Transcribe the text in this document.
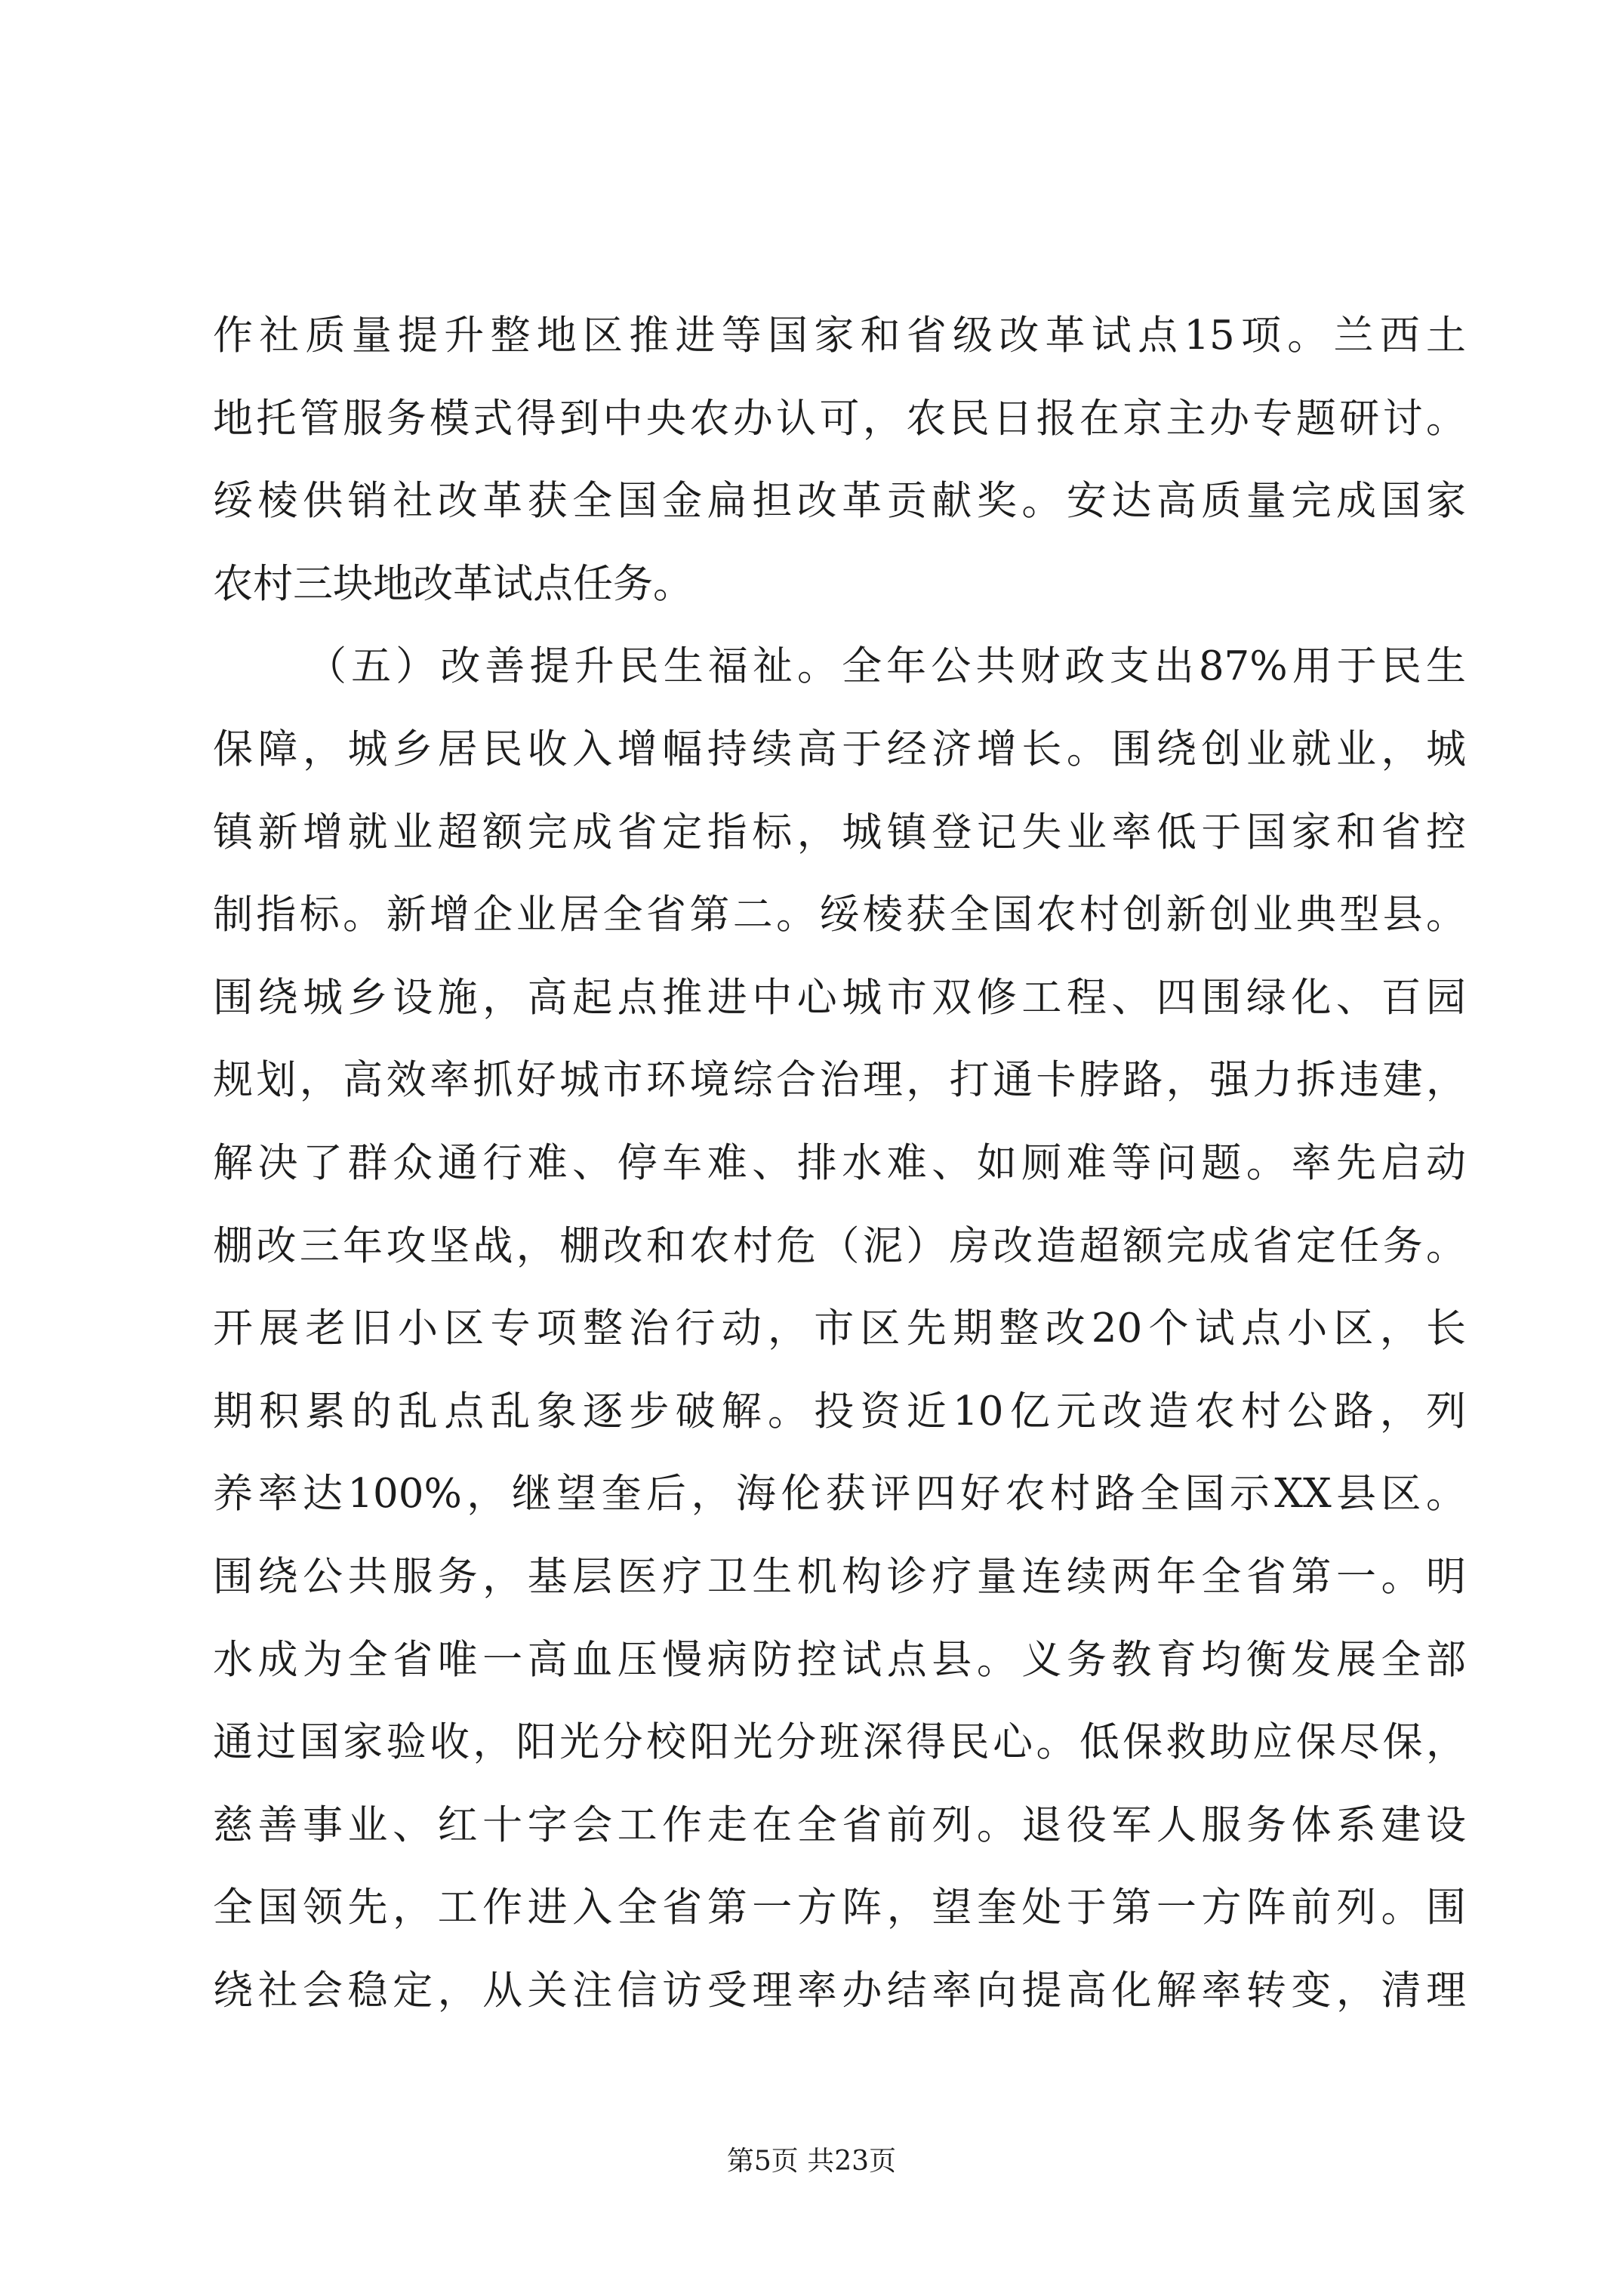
作社质量提升整地区推进等国家和省级改革试点15项。兰西土
地托管服务模式得到中央农办认可，农民日报在京主办专题研讨。
绥棱供销社改革获全国金扁担改革贡献奖。安达高质量完成国家
农村三块地改革试点任务。
（五）改善提升民生福祉。全年公共财政支出87%用于民生
保障，城乡居民收入增幅持续高于经济增长。围绕创业就业，城
镇新增就业超额完成省定指标，城镇登记失业率低于国家和省控
制指标。新增企业居全省第二。绥棱获全国农村创新创业典型县。
围绕城乡设施，高起点推进中心城市双修工程、四围绿化、百园
规划，高效率抓好城市环境综合治理，打通卡脖路，强力拆违建，
解决了群众通行难、停车难、排水难、如厕难等问题。率先启动
棚改三年攻坚战，棚改和农村危（泥）房改造超额完成省定任务。
开展老旧小区专项整治行动，市区先期整改20个试点小区，长
期积累的乱点乱象逐步破解。投资近10亿元改造农村公路，列
养率达100%，继望奎后，海伦获评四好农村路全国示XX县区。
围绕公共服务，基层医疗卫生机构诊疗量连续两年全省第一。明
水成为全省唯一高血压慢病防控试点县。义务教育均衡发展全部
通过国家验收，阳光分校阳光分班深得民心。低保救助应保尽保，
慈善事业、红十字会工作走在全省前列。退役军人服务体系建设
全国领先，工作进入全省第一方阵，望奎处于第一方阵前列。围
绕社会稳定，从关注信访受理率办结率向提高化解率转变，清理
第5页 共23页
